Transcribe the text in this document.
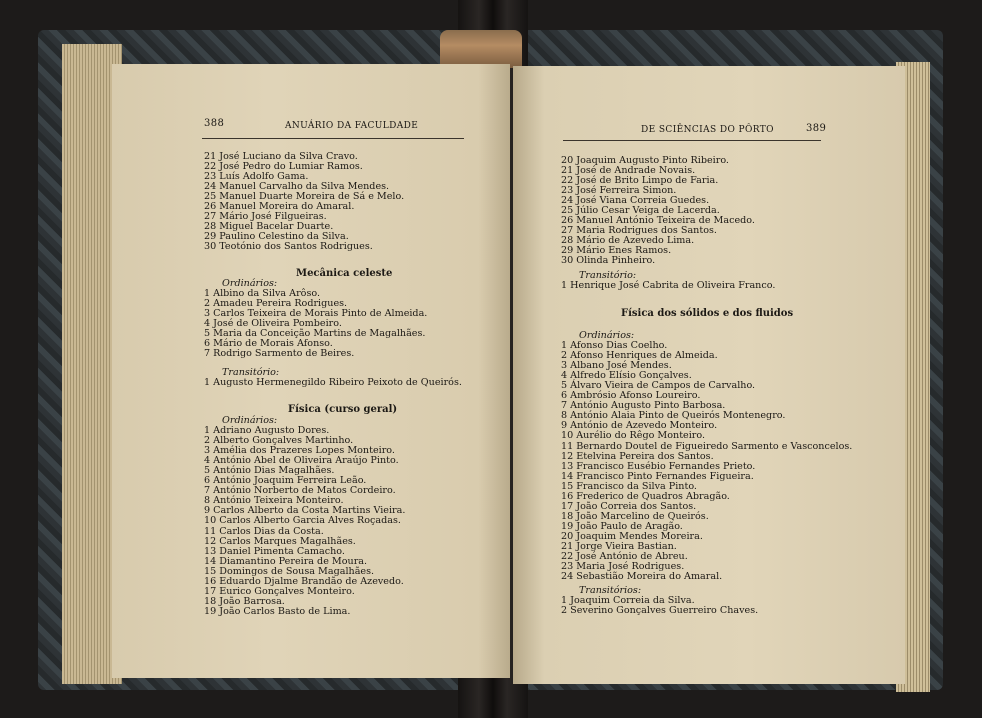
388	ANUÁRIO DA FACULDADE
21 José Luciano da Silva Cravo.
22 José Pedro do Lumiar Ramos.
23 Luís Adolfo Gama.
24 Manuel Carvalho da Silva Mendes.
25 Manuel Duarte Moreira de Sá e Melo.
26 Manuel Moreira do Amaral.
27 Mário José Filgueiras.
28 Miguel Bacelar Duarte.
29 Paulino Celestino da Silva.
30 Teotónio dos Santos Rodrigues.
Mecânica celeste
Ordinários:
1 Albino da Silva Arôso.
2 Amadeu Pereira Rodrigues.
3 Carlos Teixeira de Morais Pinto de Almeida.
4 José de Oliveira Pombeiro.
5 Maria da Conceição Martins de Magalhães.
6 Mário de Morais Afonso.
7 Rodrigo Sarmento de Beires.
Transitório:
1 Augusto Hermenegildo Ribeiro Peixoto de Queirós.
Física (curso geral)
Ordinários:
1 Adriano Augusto Dores.
2 Alberto Gonçalves Martinho.
3 Amélia dos Prazeres Lopes Monteiro.
4 António Abel de Oliveira Araújo Pinto.
5 António Dias Magalhães.
6 António Joaquim Ferreira Leão.
7 António Norberto de Matos Cordeiro.
8 António Teixeira Monteiro.
9 Carlos Alberto da Costa Martins Vieira.
10 Carlos Alberto Garcia Alves Roçadas.
11 Carlos Dias da Costa.
12 Carlos Marques Magalhães.
13 Daniel Pimenta Camacho.
14 Diamantino Pereira de Moura.
15 Domingos de Sousa Magalhães.
16 Eduardo Djalme Brandão de Azevedo.
17 Eurico Gonçalves Monteiro.
18 João Barrosa.
19 João Carlos Basto de Lima.
DE SCIÊNCIAS DO PÔRTO	389
20 Joaquim Augusto Pinto Ribeiro.
21 José de Andrade Novais.
22 José de Brito Limpo de Faria.
23 José Ferreira Simon.
24 José Viana Correia Guedes.
25 Júlio Cesar Veiga de Lacerda.
26 Manuel António Teixeira de Macedo.
27 Maria Rodrigues dos Santos.
28 Mário de Azevedo Lima.
29 Mário Enes Ramos.
30 Olinda Pinheiro.
Transitório:
1 Henrique José Cabrita de Oliveira Franco.
Física dos sólidos e dos fluidos
Ordinários:
1 Afonso Dias Coelho.
2 Afonso Henriques de Almeida.
3 Albano José Mendes.
4 Alfredo Elísio Gonçalves.
5 Álvaro Vieira de Campos de Carvalho.
6 Ambrósio Afonso Loureiro.
7 António Augusto Pinto Barbosa.
8 António Alaia Pinto de Queirós Montenegro.
9 António de Azevedo Monteiro.
10 Aurélio do Rêgo Monteiro.
11 Bernardo Doutel de Figueiredo Sarmento e Vasconcelos.
12 Etelvina Pereira dos Santos.
13 Francisco Eusébio Fernandes Prieto.
14 Francisco Pinto Fernandes Figueira.
15 Francisco da Silva Pinto.
16 Frederico de Quadros Abragão.
17 João Correia dos Santos.
18 João Marcelino de Queirós.
19 João Paulo de Aragão.
20 Joaquim Mendes Moreira.
21 Jorge Vieira Bastian.
22 José António de Abreu.
23 Maria José Rodrigues.
24 Sebastião Moreira do Amaral.
Transitórios:
1 Joaquim Correia da Silva.
2 Severino Gonçalves Guerreiro Chaves.
